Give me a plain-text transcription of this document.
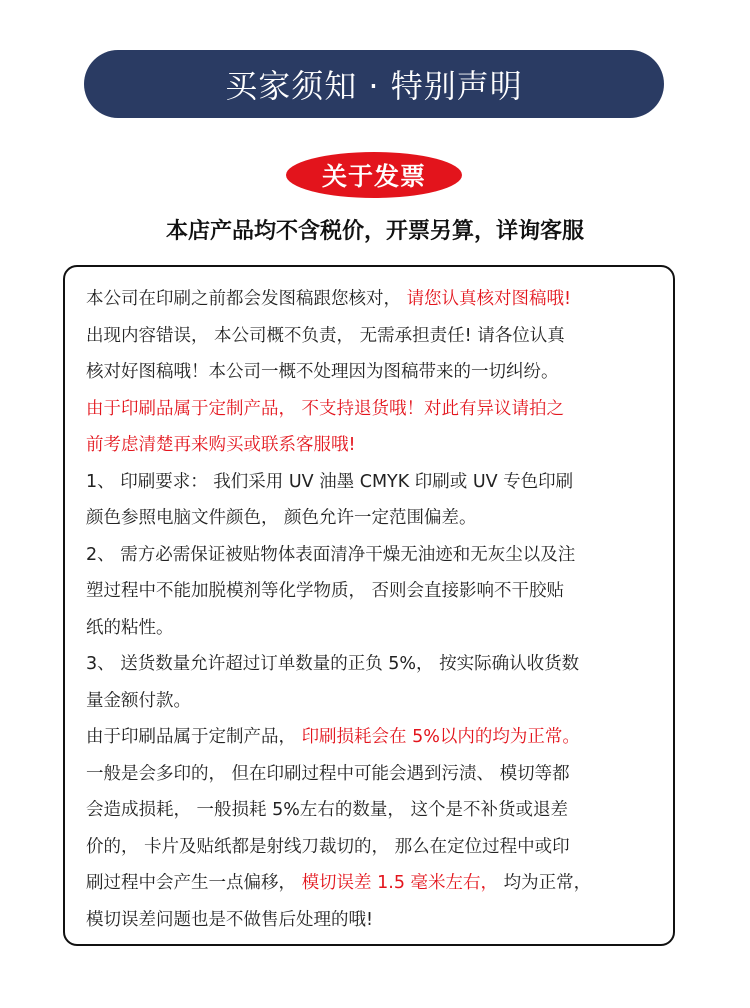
买家须知 · 特别声明
关于发票
本店产品均不含税价，开票另算，详询客服
本公司在印刷之前都会发图稿跟您核对， 请您认真核对图稿哦!
出现内容错误， 本公司概不负责， 无需承担责任! 请各位认真
核对好图稿哦！本公司一概不处理因为图稿带来的一切纠纷。
由于印刷品属于定制产品， 不支持退货哦！对此有异议请拍之
前考虑清楚再来购买或联系客服哦!
1、 印刷要求： 我们采用 UV 油墨 CMYK 印刷或 UV 专色印刷
颜色参照电脑文件颜色， 颜色允许一定范围偏差。
2、 需方必需保证被贴物体表面清净干燥无油迹和无灰尘以及注
塑过程中不能加脱模剂等化学物质， 否则会直接影响不干胶贴
纸的粘性。
3、 送货数量允许超过订单数量的正负 5%， 按实际确认收货数
量金额付款。
由于印刷品属于定制产品， 印刷损耗会在 5%以内的均为正常。
一般是会多印的， 但在印刷过程中可能会遇到污渍、 模切等都
会造成损耗， 一般损耗 5%左右的数量， 这个是不补货或退差
价的， 卡片及贴纸都是射线刀裁切的， 那么在定位过程中或印
刷过程中会产生一点偏移， 模切误差 1.5 毫米左右， 均为正常，
模切误差问题也是不做售后处理的哦!
